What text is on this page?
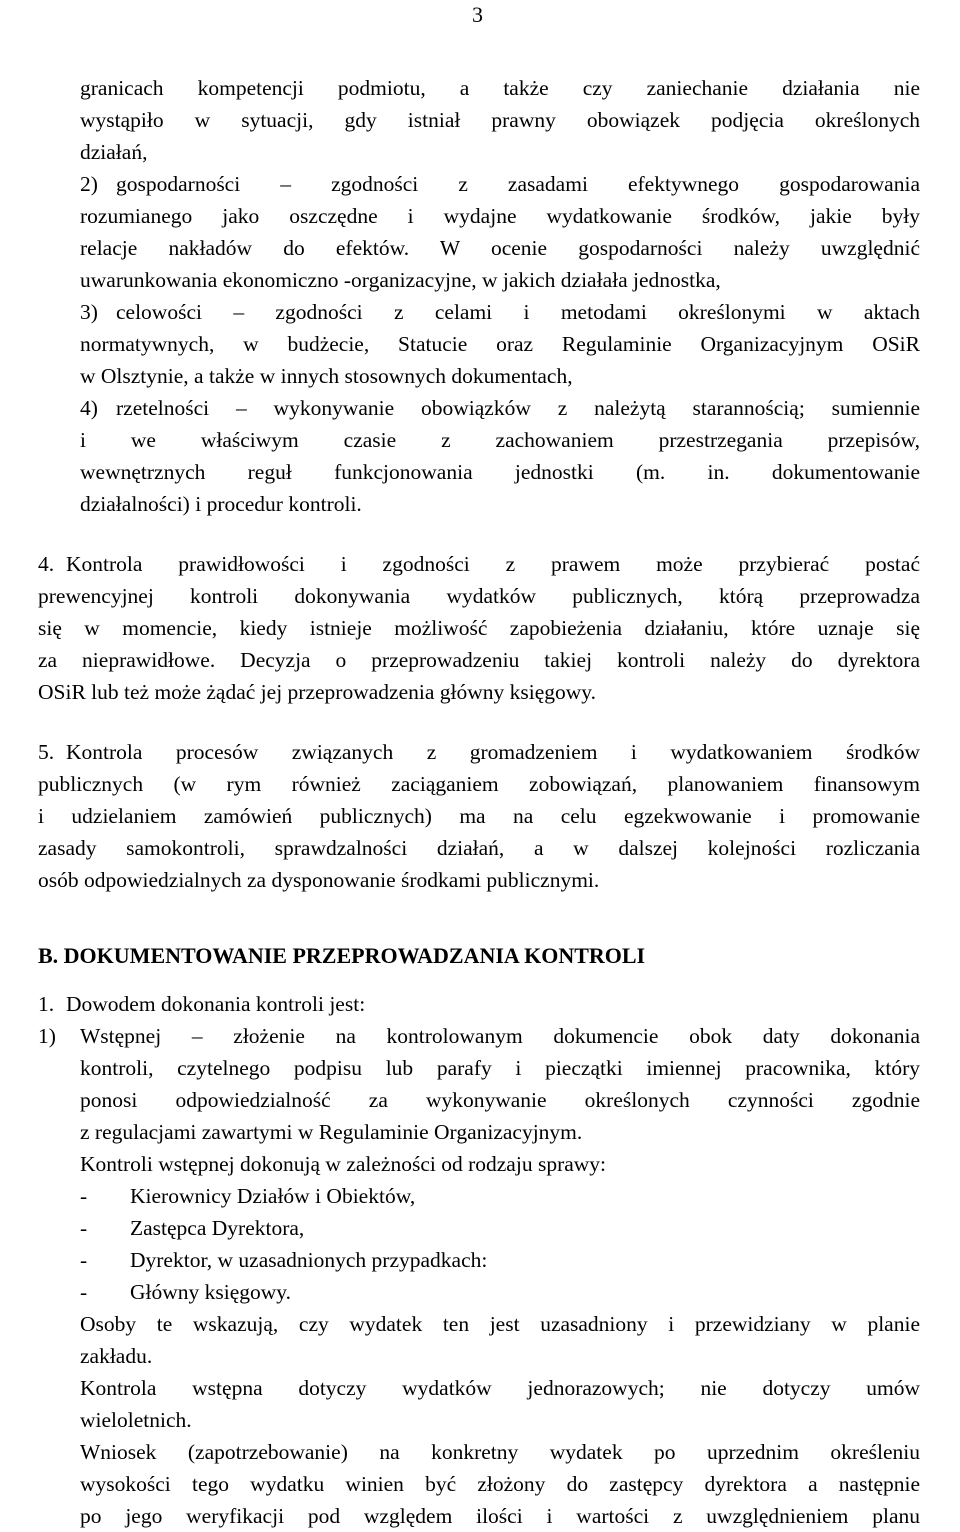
3
granicach kompetencji podmiotu, a także czy zaniechanie działania nie
wystąpiło w sytuacji, gdy istniał prawny obowiązek podjęcia określonych
działań,
2) gospodarności – zgodności z zasadami efektywnego gospodarowania
rozumianego jako oszczędne i wydajne wydatkowanie środków, jakie były
relacje nakładów do efektów. W ocenie gospodarności należy uwzględnić
uwarunkowania ekonomiczno -organizacyjne, w jakich działała jednostka,
3) celowości – zgodności z celami i metodami określonymi w aktach
normatywnych, w budżecie, Statucie oraz Regulaminie Organizacyjnym OSiR
w Olsztynie, a także w innych stosownych dokumentach,
4) rzetelności – wykonywanie obowiązków z należytą starannością; sumiennie
i we właściwym czasie z zachowaniem przestrzegania przepisów,
wewnętrznych reguł funkcjonowania jednostki (m. in. dokumentowanie
działalności) i procedur kontroli.
4. Kontrola prawidłowości i zgodności z prawem może przybierać postać
prewencyjnej kontroli dokonywania wydatków publicznych, którą przeprowadza
się w momencie, kiedy istnieje możliwość zapobieżenia działaniu, które uznaje się
za nieprawidłowe. Decyzja o przeprowadzeniu takiej kontroli należy do dyrektora
OSiR lub też może żądać jej przeprowadzenia główny księgowy.
5. Kontrola procesów związanych z gromadzeniem i wydatkowaniem środków
publicznych (w rym również zaciąganiem zobowiązań, planowaniem finansowym
i udzielaniem zamówień publicznych) ma na celu egzekwowanie i promowanie
zasady samokontroli, sprawdzalności działań, a w dalszej kolejności rozliczania
osób odpowiedzialnych za dysponowanie środkami publicznymi.
B. DOKUMENTOWANIE PRZEPROWADZANIA KONTROLI
1. Dowodem dokonania kontroli jest:
1) Wstępnej – złożenie na kontrolowanym dokumencie obok daty dokonania
kontroli, czytelnego podpisu lub parafy i pieczątki imiennej pracownika, który
ponosi odpowiedzialność za wykonywanie określonych czynności zgodnie
z regulacjami zawartymi w Regulaminie Organizacyjnym.
Kontroli wstępnej dokonują w zależności od rodzaju sprawy:
- Kierownicy Działów i Obiektów,
- Zastępca Dyrektora,
- Dyrektor, w uzasadnionych przypadkach:
- Główny księgowy.
Osoby te wskazują, czy wydatek ten jest uzasadniony i przewidziany w planie
zakładu.
Kontrola wstępna dotyczy wydatków jednorazowych; nie dotyczy umów
wieloletnich.
Wniosek (zapotrzebowanie) na konkretny wydatek po uprzednim określeniu
wysokości tego wydatku winien być złożony do zastępcy dyrektora a następnie
po jego weryfikacji pod względem ilości i wartości z uwzględnieniem planu
